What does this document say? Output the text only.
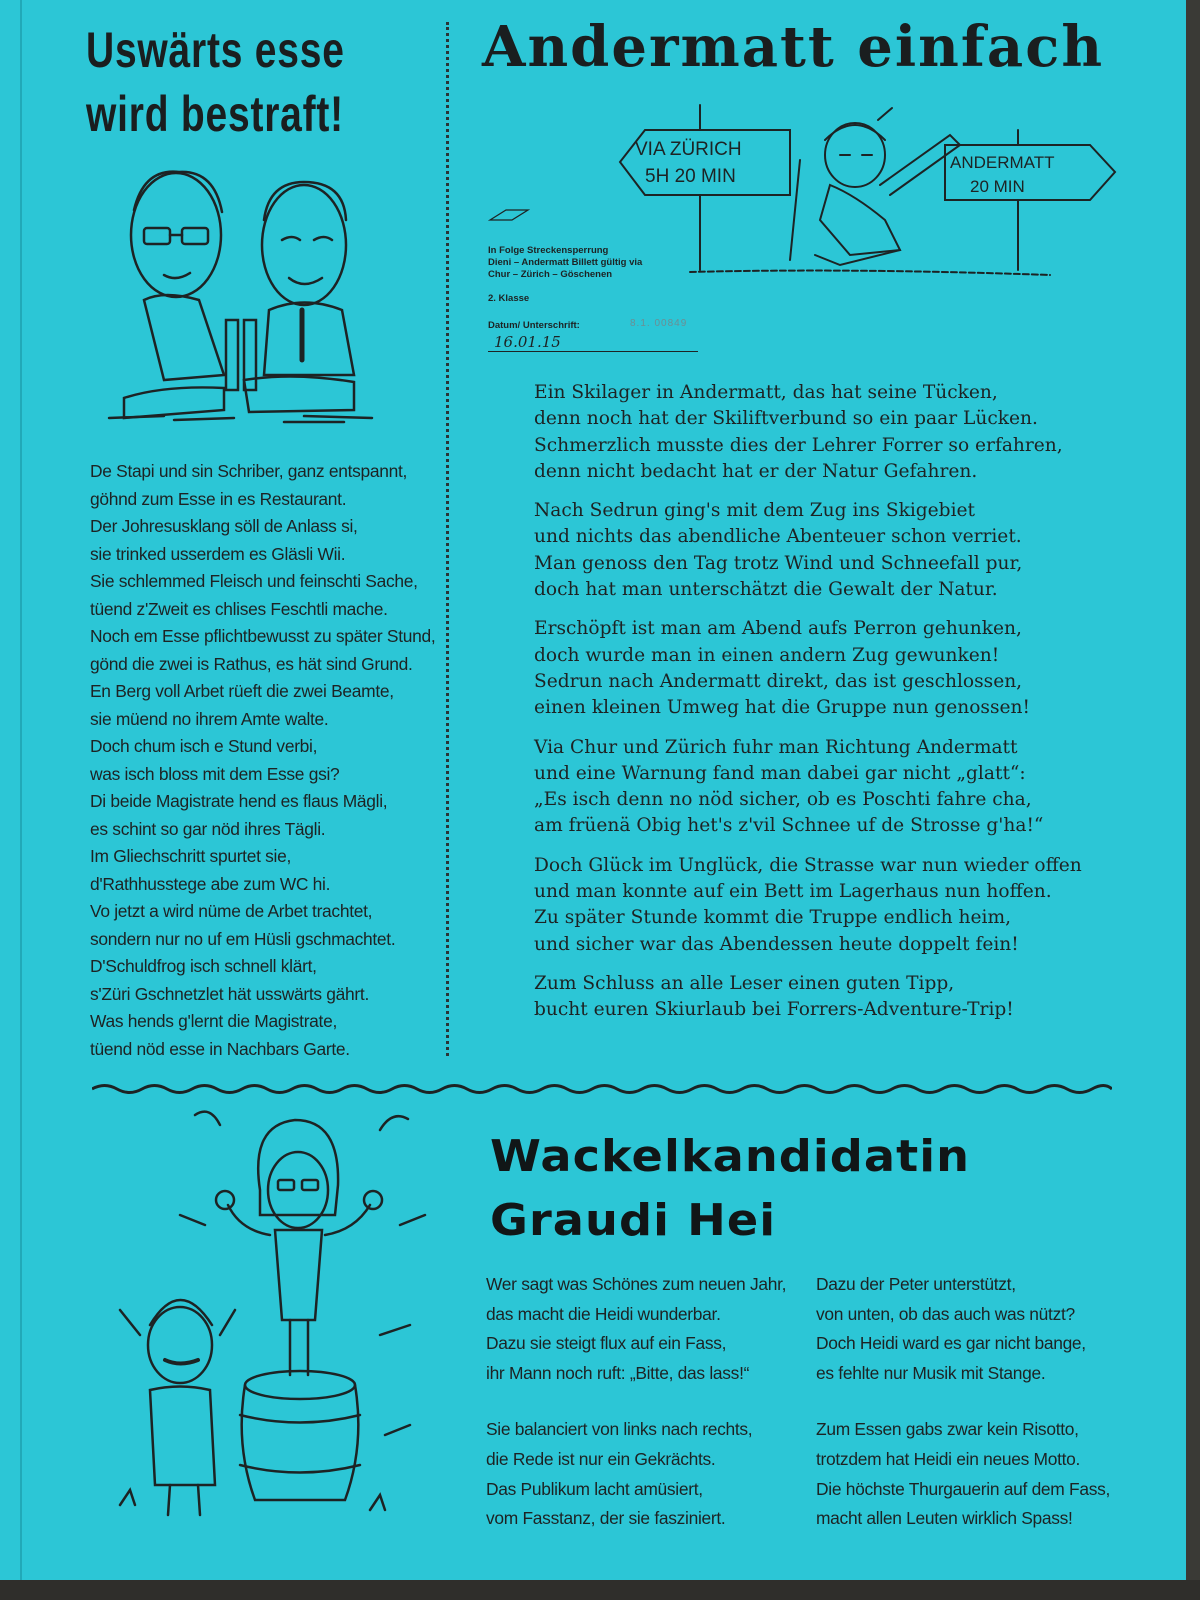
Uswärts esse
wird bestraft!
De Stapi und sin Schriber, ganz entspannt,
göhnd zum Esse in es Restaurant.
Der Johresusklang söll de Anlass si,
sie trinked usserdem es Gläsli Wii.
Sie schlemmed Fleisch und feinschti Sache,
tüend z'Zweit es chlises Feschtli mache.
Noch em Esse pflichtbewusst zu später Stund,
gönd die zwei is Rathus, es hät sind Grund.
En Berg voll Arbet rüeft die zwei Beamte,
sie müend no ihrem Amte walte.
Doch chum isch e Stund verbi,
was isch bloss mit dem Esse gsi?
Di beide Magistrate hend es flaus Mägli,
es schint so gar nöd ihres Tägli.
Im Gliechschritt spurtet sie,
d'Rathhusstege abe zum WC hi.
Vo jetzt a wird nüme de Arbet trachtet,
sondern nur no uf em Hüsli gschmachtet.
D'Schuldfrog isch schnell klärt,
s'Züri Gschnetzlet hät usswärts gährt.
Was hends g'lernt die Magistrate,
tüend nöd esse in Nachbars Garte.
Andermatt einfach
VIA ZÜRICH
5H 20 MIN
ANDERMATT
20 MIN
In Folge Streckensperrung
Dieni – Andermatt Billett gültig via
Chur – Zürich – Göschenen
2. Klasse
Datum/ Unterschrift:	8.1. 00849
16.01.15

Ein Skilager in Andermatt, das hat seine Tücken,
denn noch hat der Skiliftverbund so ein paar Lücken.
Schmerzlich musste dies der Lehrer Forrer so erfahren,
denn nicht bedacht hat er der Natur Gefahren.

Nach Sedrun ging's mit dem Zug ins Skigebiet
und nichts das abendliche Abenteuer schon verriet.
Man genoss den Tag trotz Wind und Schneefall pur,
doch hat man unterschätzt die Gewalt der Natur.

Erschöpft ist man am Abend aufs Perron gehunken,
doch wurde man in einen andern Zug gewunken!
Sedrun nach Andermatt direkt, das ist geschlossen,
einen kleinen Umweg hat die Gruppe nun genossen!

Via Chur und Zürich fuhr man Richtung Andermatt
und eine Warnung fand man dabei gar nicht „glatt“:
„Es isch denn no nöd sicher, ob es Poschti fahre cha,
am früenä Obig het's z'vil Schnee uf de Strosse g'ha!“

Doch Glück im Unglück, die Strasse war nun wieder offen
und man konnte auf ein Bett im Lagerhaus nun hoffen.
Zu später Stunde kommt die Truppe endlich heim,
und sicher war das Abendessen heute doppelt fein!

Zum Schluss an alle Leser einen guten Tipp,
bucht euren Skiurlaub bei Forrers-Adventure-Trip!

Wackelkandidatin
Graudi Hei

Wer sagt was Schönes zum neuen Jahr,
das macht die Heidi wunderbar.
Dazu sie steigt flux auf ein Fass,
ihr Mann noch ruft: „Bitte, das lass!“

Sie balanciert von links nach rechts,
die Rede ist nur ein Gekrächts.
Das Publikum lacht amüsiert,
vom Fasstanz, der sie fasziniert.

Dazu der Peter unterstützt,
von unten, ob das auch was nützt?
Doch Heidi ward es gar nicht bange,
es fehlte nur Musik mit Stange.

Zum Essen gabs zwar kein Risotto,
trotzdem hat Heidi ein neues Motto.
Die höchste Thurgauerin auf dem Fass,
macht allen Leuten wirklich Spass!
